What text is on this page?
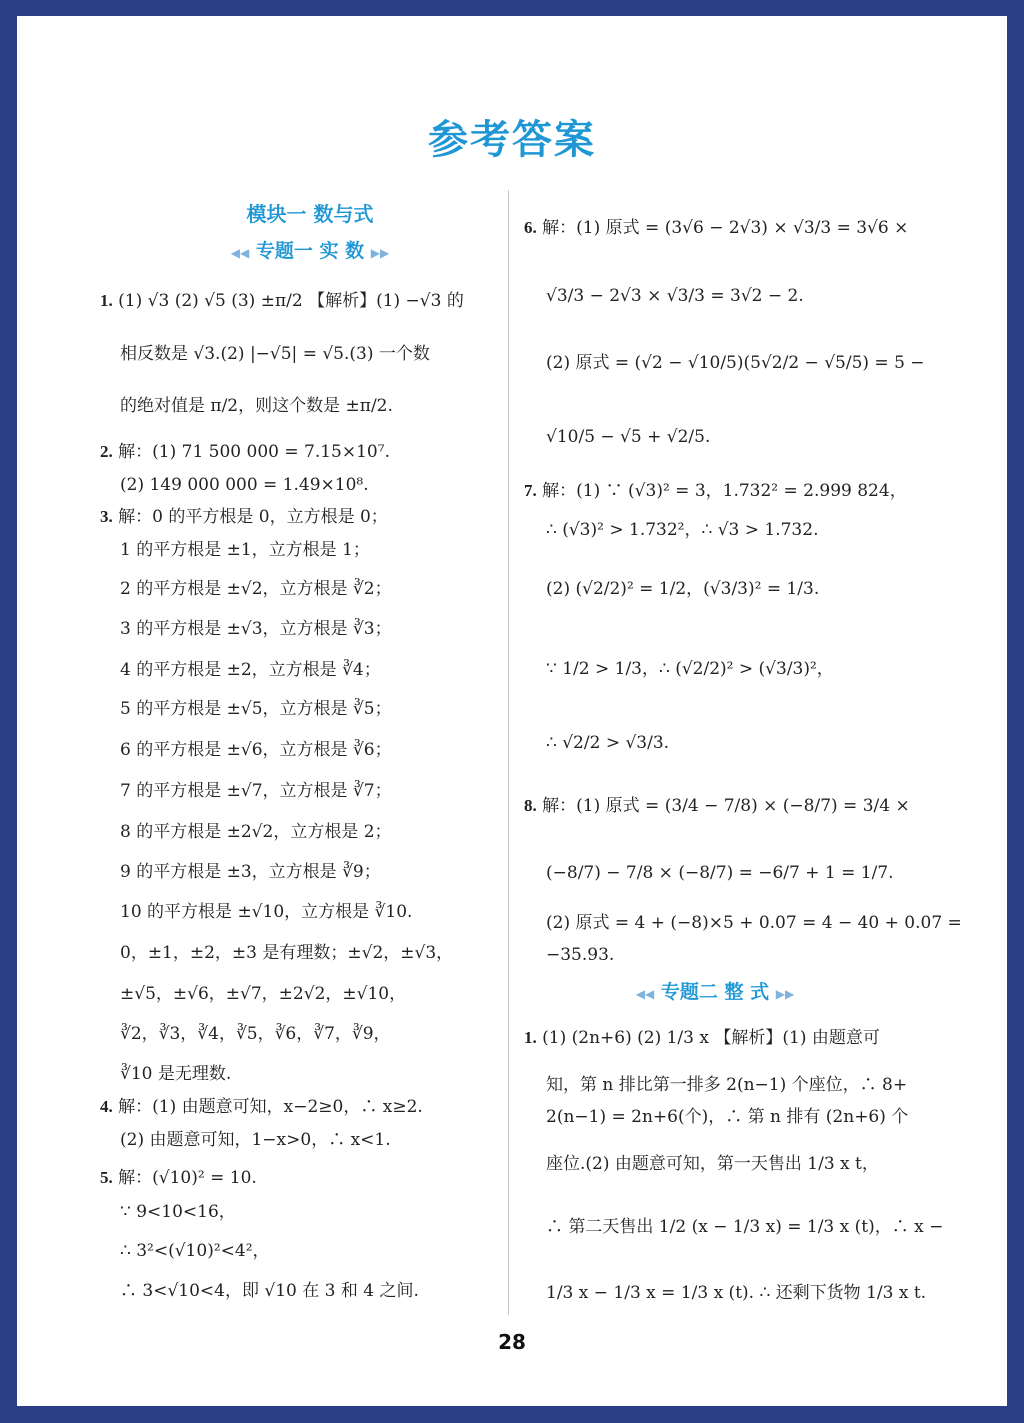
参考答案
模块一 数与式
◀◀ 专题一 实 数 ▶▶
1. (1) √3 (2) √5 (3) ±π/2 【解析】(1) −√3 的
相反数是 √3.(2) |−√5| = √5.(3) 一个数
的绝对值是 π/2，则这个数是 ±π/2.
2. 解：(1) 71 500 000 = 7.15×10⁷.
(2) 149 000 000 = 1.49×10⁸.
3. 解：0 的平方根是 0，立方根是 0；
1 的平方根是 ±1，立方根是 1；
2 的平方根是 ±√2，立方根是 ∛2；
3 的平方根是 ±√3，立方根是 ∛3；
4 的平方根是 ±2，立方根是 ∛4；
5 的平方根是 ±√5，立方根是 ∛5；
6 的平方根是 ±√6，立方根是 ∛6；
7 的平方根是 ±√7，立方根是 ∛7；
8 的平方根是 ±2√2，立方根是 2；
9 的平方根是 ±3，立方根是 ∛9；
10 的平方根是 ±√10，立方根是 ∛10.
0，±1，±2，±3 是有理数；±√2，±√3，
±√5，±√6，±√7，±2√2，±√10，
∛2，∛3，∛4，∛5，∛6，∛7，∛9，
∛10 是无理数.
4. 解：(1) 由题意可知，x−2≥0，∴ x≥2.
(2) 由题意可知，1−x>0，∴ x<1.
5. 解：(√10)² = 10.
∵ 9<10<16，
∴ 3²<(√10)²<4²，
∴ 3<√10<4，即 √10 在 3 和 4 之间.
6. 解：(1) 原式 = (3√6 − 2√3) × √3/3 = 3√6 ×
√3/3 − 2√3 × √3/3 = 3√2 − 2.
(2) 原式 = (√2 − √10/5)(5√2/2 − √5/5) = 5 −
√10/5 − √5 + √2/5.
7. 解：(1) ∵ (√3)² = 3，1.732² = 2.999 824，
∴ (√3)² > 1.732²，∴ √3 > 1.732.
(2) (√2/2)² = 1/2，(√3/3)² = 1/3.
∵ 1/2 > 1/3，∴ (√2/2)² > (√3/3)²，
∴ √2/2 > √3/3.
8. 解：(1) 原式 = (3/4 − 7/8) × (−8/7) = 3/4 ×
(−8/7) − 7/8 × (−8/7) = −6/7 + 1 = 1/7.
(2) 原式 = 4 + (−8)×5 + 0.07 = 4 − 40 + 0.07 =
−35.93.
1. (1) (2n+6) (2) 1/3 x 【解析】(1) 由题意可
知，第 n 排比第一排多 2(n−1) 个座位，∴ 8+
2(n−1) = 2n+6(个)，∴ 第 n 排有 (2n+6) 个
座位.(2) 由题意可知，第一天售出 1/3 x t，
∴ 第二天售出 1/2 (x − 1/3 x) = 1/3 x (t)，∴ x −
1/3 x − 1/3 x = 1/3 x (t). ∴ 还剩下货物 1/3 x t.
◀◀ 专题二 整 式 ▶▶
28
